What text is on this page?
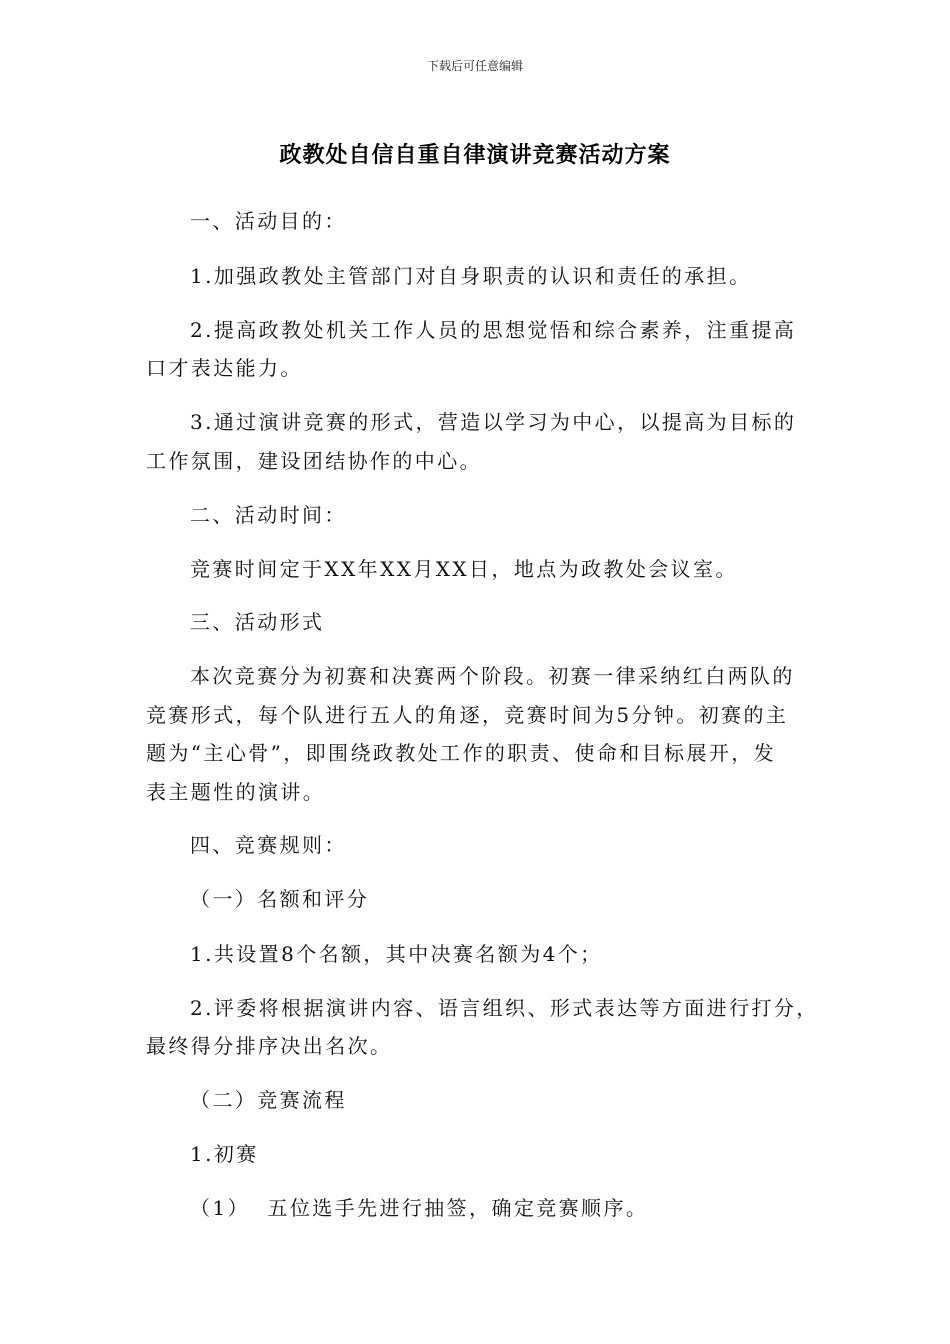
下载后可任意编辑
政教处自信自重自律演讲竞赛活动方案
一、活动目的：
1.加强政教处主管部门对自身职责的认识和责任的承担。
2.提高政教处机关工作人员的思想觉悟和综合素养，注重提高
口才表达能力。
3.通过演讲竞赛的形式，营造以学习为中心，以提高为目标的
工作氛围，建设团结协作的中心。
二、活动时间：
竞赛时间定于XX年XX月XX日，地点为政教处会议室。
三、活动形式
本次竞赛分为初赛和决赛两个阶段。初赛一律采纳红白两队的
竞赛形式，每个队进行五人的角逐，竞赛时间为5分钟。初赛的主
题为“主心骨”，即围绕政教处工作的职责、使命和目标展开，发
表主题性的演讲。
四、竞赛规则：
（一）名额和评分
1.共设置8个名额，其中决赛名额为4个；
2.评委将根据演讲内容、语言组织、形式表达等方面进行打分，
最终得分排序决出名次。
（二）竞赛流程
1.初赛
（1）  五位选手先进行抽签，确定竞赛顺序。
